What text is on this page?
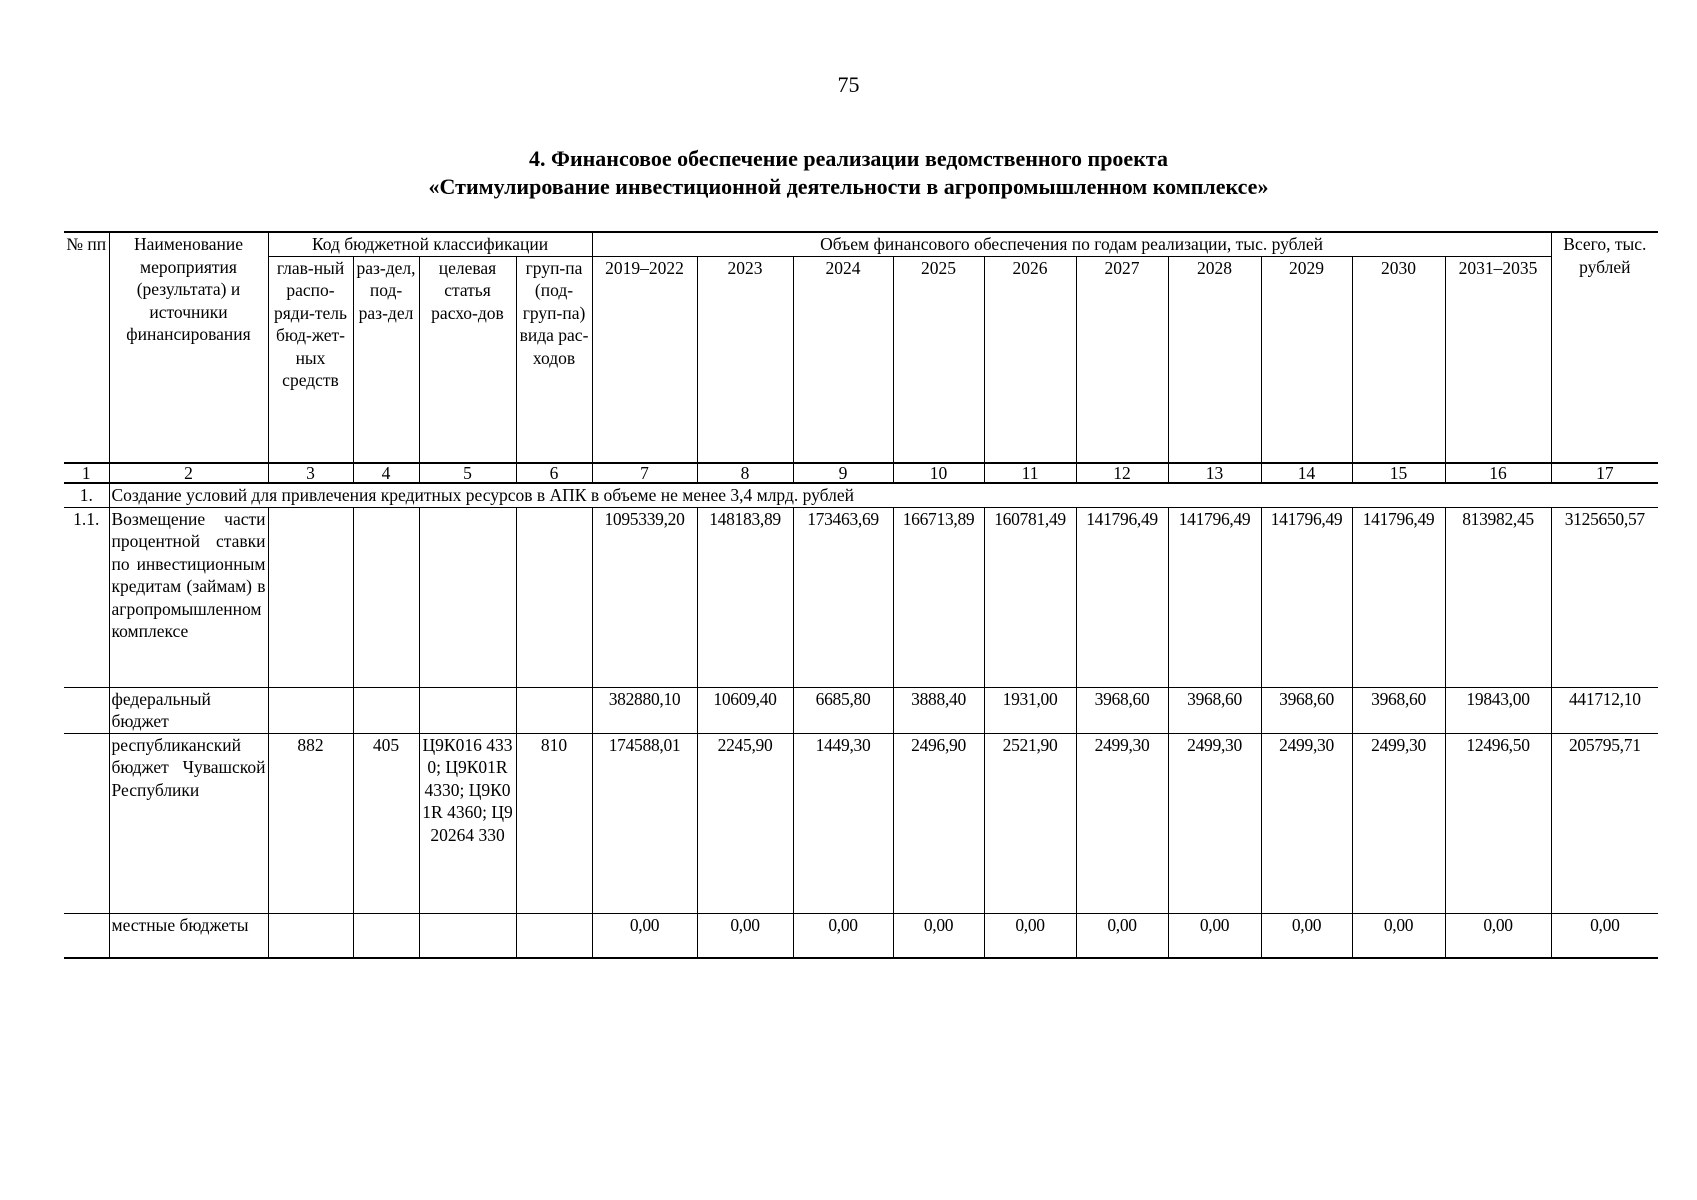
75
4. Финансовое обеспечение реализации ведомственного проекта
«Стимулирование инвестиционной деятельности в агропромышленном комплексе»
№ пп	Наименование мероприятия (результата) и источники финансирования	Код бюджетной классификации				Объем финансового обеспечения по годам реализации, тыс. рублей										Всего, тыс. рублей
		глав-ный распо-ряди-тель бюд-жет-ных средств	раз-дел, под-раз-дел	целевая статья расхо-дов	груп-па (под-груп-па) вида рас-ходов	2019–2022	2023	2024	2025	2026	2027	2028	2029	2030	2031–2035	
1	2	3	4	5	6	7	8	9	10	11	12	13	14	15	16	17
1.	Создание условий для привлечения кредитных ресурсов в АПК в объеме не менее 3,4 млрд. рублей															
1.1.	Возмещение части процентной ставки по инвестиционным кредитам (займам) в агропромышленном комплексе					1095339,20	148183,89	173463,69	166713,89	160781,49	141796,49	141796,49	141796,49	141796,49	813982,45	3125650,57
	федеральный бюджет					382880,10	10609,40	6685,80	3888,40	1931,00	3968,60	3968,60	3968,60	3968,60	19843,00	441712,10
	республиканский бюджет Чувашской Республики	882	405	Ц9К016 4330; Ц9К01R 4330; Ц9К01R 4360; Ц920264 330	810	174588,01	2245,90	1449,30	2496,90	2521,90	2499,30	2499,30	2499,30	2499,30	12496,50	205795,71
	местные бюджеты					0,00	0,00	0,00	0,00	0,00	0,00	0,00	0,00	0,00	0,00	0,00
